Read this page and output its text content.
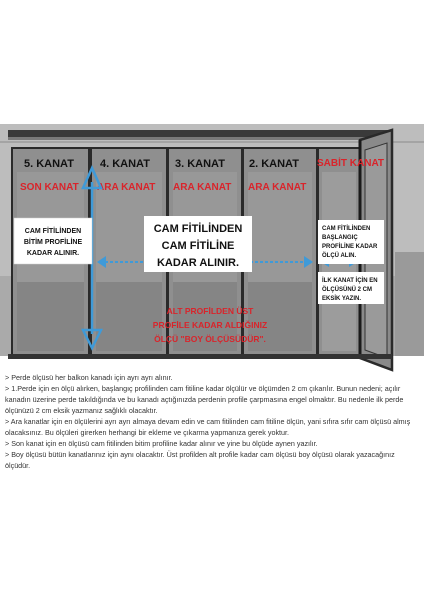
5. KANAT 4. KANAT 3. KANAT 2. KANAT SABİT KANAT
SON KANAT ARA KANAT ARA KANAT ARA KANAT
CAM FİTİLİNDEN
BİTİM PROFİLİNE
KADAR ALINIR.
CAM FİTİLİNDEN
CAM FİTİLİNE
KADAR ALINIR.
CAM FİTİLİNDEN
BAŞLANGIÇ
PROFİLİNE KADAR
ÖLÇÜ ALIN.
İLK KANAT İÇİN EN
ÖLÇÜSÜNÜ 2 CM
EKSİK YAZIN.
ALT PROFİLDEN ÜST
PROFİLE KADAR ALDIĞINIZ
ÖLÇÜ "BOY ÖLÇÜSÜDÜR".

> Perde ölçüsü her balkon kanadı için ayrı ayrı alınır.

> 1.Perde için en ölçü alırken, başlangıç profilinden cam fitiline kadar ölçülür ve ölçümden 2 cm çıkarılır. Bunun nedeni; açılır kanadın üzerine perde takıldığında ve bu kanadı açtığınızda perdenin profile çarpmasına engel olmaktır. Bu nedenle ilk perde ölçünüzü 2 cm eksik yazmanız sağlıklı olacaktır.

> Ara kanatlar için en ölçülerini ayrı ayrı almaya devam edin ve cam fitilinden cam fitiline ölçün, yani sıfıra sıfır cam ölçüsü almış olacaksınız. Bu ölçüleri girerken herhangi bir ekleme ve çıkarma yapmanıza gerek yoktur.

> Son kanat için en ölçüsü cam fitilinden bitim profiline kadar alınır ve yine bu ölçüde aynen yazılır.

> Boy ölçüsü bütün kanatlarınız için aynı olacaktır. Üst profilden alt profile kadar cam ölçüsü boy ölçüsü olarak yazacağınız ölçüdür.
